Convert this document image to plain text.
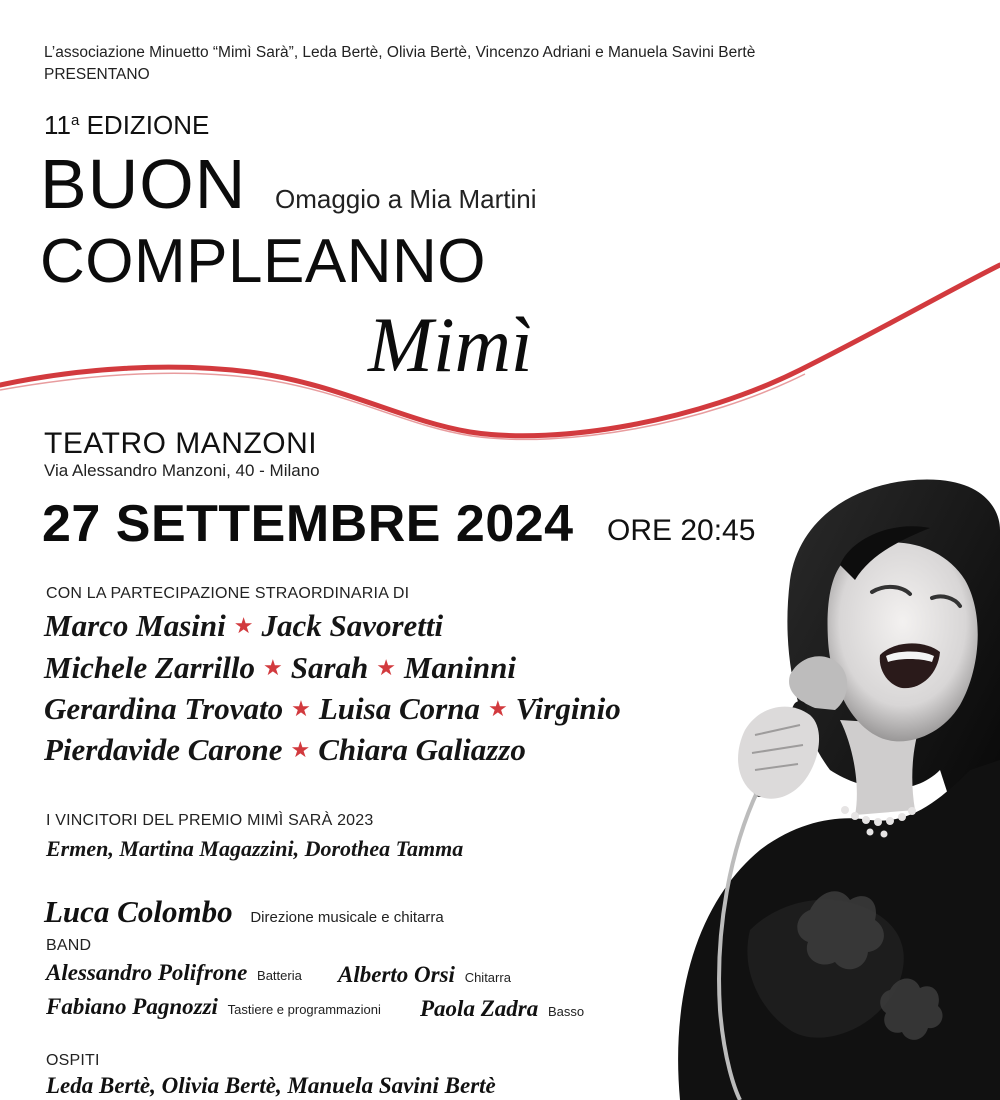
L’associazione Minuetto “Mimì Sarà”, Leda Bertè, Olivia Bertè, Vincenzo Adriani e Manuela Savini Bertè
PRESENTANO
11$^a$ EDIZIONE
BUON Omaggio a Mia Martini
COMPLEANNO
Mimì
TEATRO MANZONI
Via Alessandro Manzoni, 40 - Milano
27 SETTEMBRE 2024 ORE 20:45
CON LA PARTECIPAZIONE STRAORDINARIA DI
Marco Masini ★ Jack Savoretti
Michele Zarrillo ★ Sarah ★ Maninni
Gerardina Trovato ★ Luisa Corna ★ Virginio
Pierdavide Carone ★ Chiara Galiazzo
I VINCITORI DEL PREMIO MIMÌ SARÀ 2023
Ermen, Martina Magazzini, Dorothea Tamma
Luca Colombo Direzione musicale e chitarra
BAND
Alessandro Polifrone Batteria Alberto Orsi Chitarra
Fabiano Pagnozzi Tastiere e programmazioni Paola Zadra Basso
OSPITI
Leda Bertè, Olivia Bertè, Manuela Savini Bertè
